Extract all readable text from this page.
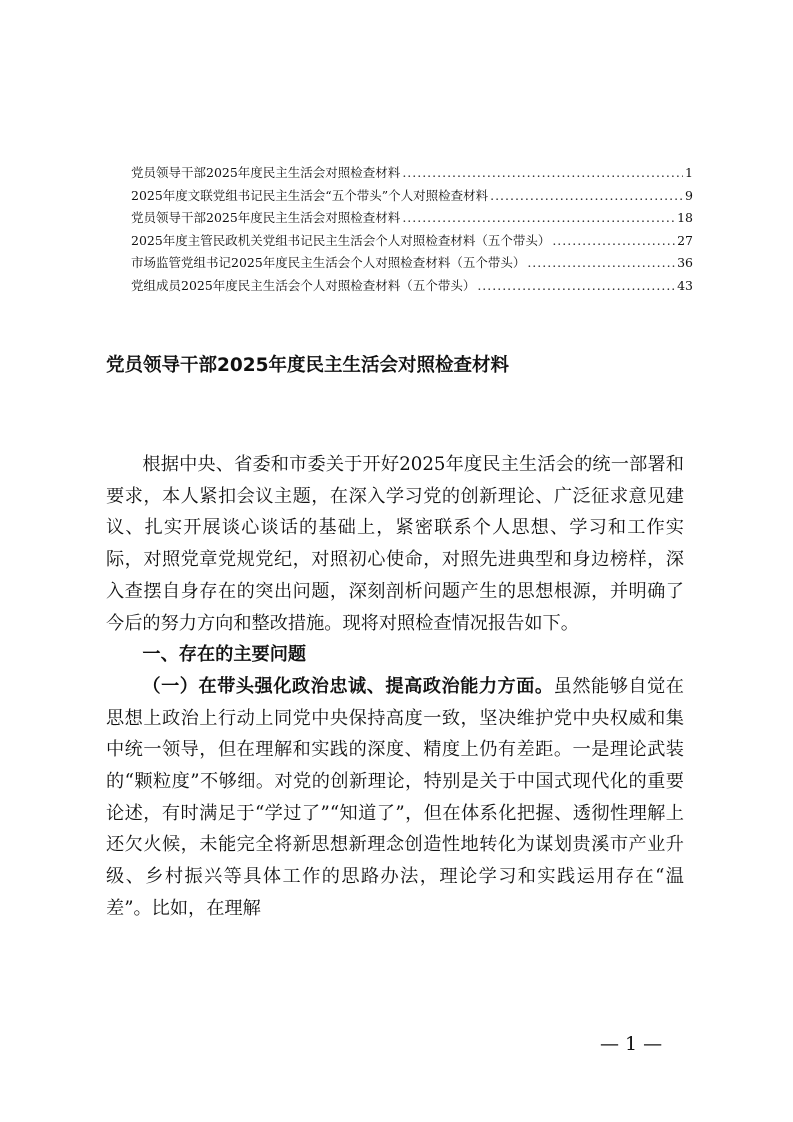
党员领导干部2025年度民主生活会对照检查材料 .....	1
2025年度文联党组书记民主生活会“五个带头”个人对照检查材料 .....	9
党员领导干部2025年度民主生活会对照检查材料 .....	18
2025年度主管民政机关党组书记民主生活会个人对照检查材料（五个带头） .....	27
市场监管党组书记2025年度民主生活会个人对照检查材料（五个带头） .....	36
党组成员2025年度民主生活会个人对照检查材料（五个带头） .....	43
党员领导干部2025年度民主生活会对照检查材料

根据中央、省委和市委关于开好2025年度民主生活会的统一部署和要求，本人紧扣会议主题，在深入学习党的创新理论、广泛征求意见建议、扎实开展谈心谈话的基础上，紧密联系个人思想、学习和工作实际，对照党章党规党纪，对照初心使命，对照先进典型和身边榜样，深入查摆自身存在的突出问题，深刻剖析问题产生的思想根源，并明确了今后的努力方向和整改措施。现将对照检查情况报告如下。

一、存在的主要问题

（一）在带头强化政治忠诚、提高政治能力方面。虽然能够自觉在思想上政治上行动上同党中央保持高度一致，坚决维护党中央权威和集中统一领导，但在理解和实践的深度、精度上仍有差距。一是理论武装的“颗粒度”不够细。对党的创新理论，特别是关于中国式现代化的重要论述，有时满足于“学过了”“知道了”，但在体系化把握、透彻性理解上还欠火候，未能完全将新思想新理念创造性地转化为谋划贵溪市产业升级、乡村振兴等具体工作的思路办法，理论学习和实践运用存在“温差”。比如，在理解

— 1 —
